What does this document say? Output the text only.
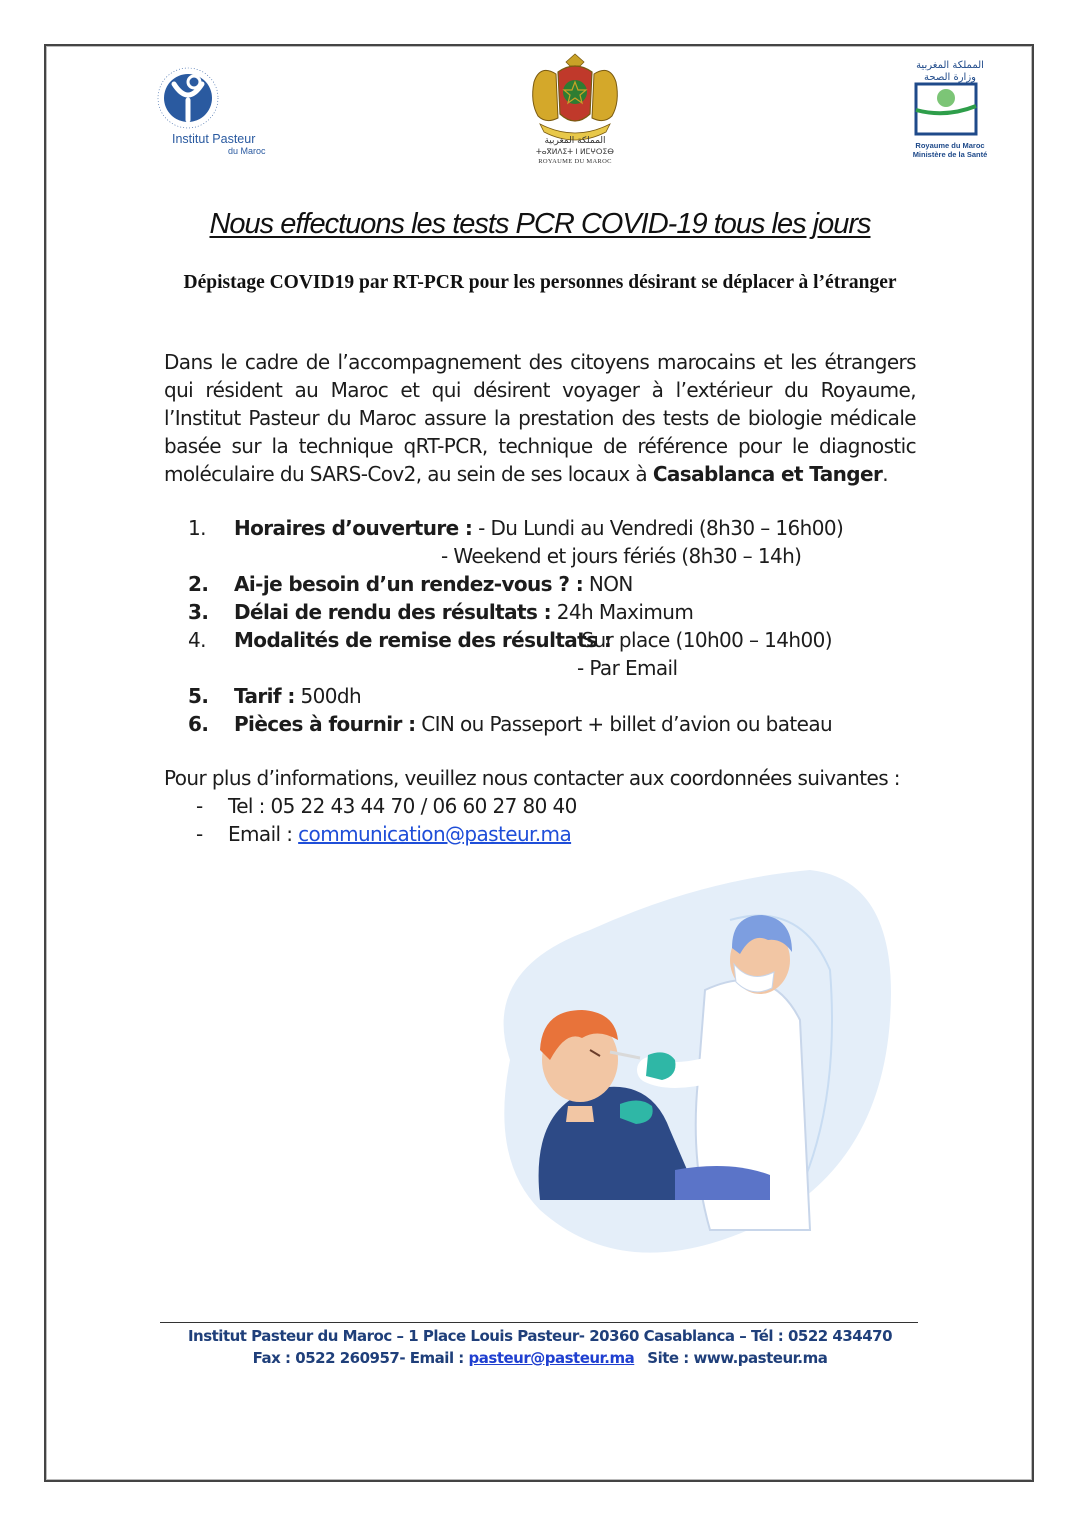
Institut Pasteur
du Maroc
المملكة المغربية
ⵜⴰⴳⵍⴷⵉⵜ ⵏ ⵍⵎⵖⵔⵉⴱ
ROYAUME DU MAROC
المملكة المغربية
وزارة الصحة
Royaume du Maroc
Ministère de la Santé
Nous effectuons les tests PCR COVID-19 tous les jours
Dépistage COVID19 par RT-PCR pour les personnes désirant se déplacer à l’étranger
Dans le cadre de l’accompagnement des citoyens marocains et les étrangers qui résident au Maroc et qui désirent voyager à l’extérieur du Royaume, l’Institut Pasteur du Maroc assure la prestation des tests de biologie médicale basée sur la technique qRT-PCR, technique de référence pour le diagnostic moléculaire du SARS-Cov2, au sein de ses locaux à Casablanca et Tanger.
1. Horaires d’ouverture : - Du Lundi au Vendredi (8h30 – 16h00)
- Weekend et jours fériés (8h30 – 14h)
2. Ai-je besoin d’un rendez-vous ? : NON
3. Délai de rendu des résultats : 24h Maximum
4. Modalités de remise des résultats :
- Sur place (10h00 – 14h00)
- Par Email
5. Tarif : 500dh
6. Pièces à fournir : CIN ou Passeport + billet d’avion ou bateau
Pour plus d’informations, veuillez nous contacter aux coordonnées suivantes :
- Tel : 05 22 43 44 70 / 06 60 27 80 40
- Email : communication@pasteur.ma
Institut Pasteur du Maroc – 1 Place Louis Pasteur- 20360 Casablanca – Tél : 0522 434470
Fax : 0522 260957- Email : pasteur@pasteur.ma Site : www.pasteur.ma
